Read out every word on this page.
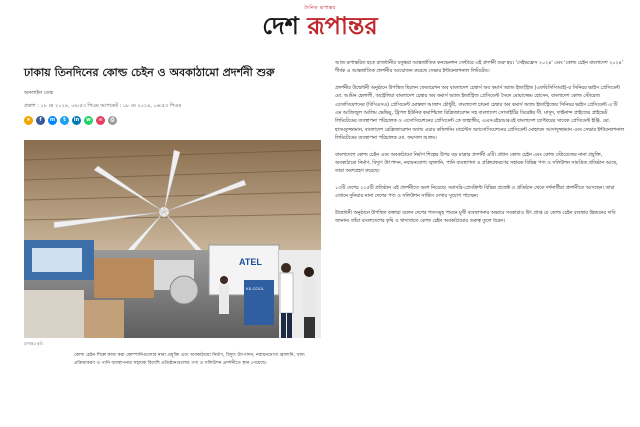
দৈনিক রূপান্তর
দেশ রূপান্তর
ঢাকায় তিনদিনের কোল্ড চেইন ও অবকাঠামো প্রদর্শনী শুরু
অনলাইন ডেস্ক
প্রকাশ : ১৮ মে ২০২৪, ০৬:৫৩ পিএম আপডেট : ১৮ মে ২০২৪, ০৬:৫৩ পিএম
★	f	m	t	in	w	∞	⎙
ATEL
KS-COOL
রূপান্তর ছবি
কোল্ড চেইন শিল্পে কাজ করা কোম্পানিগুলোর নানা প্রযুক্তি এবং অবকাঠামো নির্মাণ, বিদ্যুৎ উৎপাদন, নবায়নযোগ্য জ্বালানি, খাদ্য প্রক্রিয়াকরণ ও পানি ব্যবস্থাপনার সহায়ক বিদেশি প্রতিষ্ঠানগুলোর পণ্য ও সলিউশন প্রদর্শনীতে স্থান পেয়েছে।

আজ রূপান্তরিত হতে রাজধানীর বসুন্ধরা আন্তর্জাতিক কনভেনশন সেন্টারে এই প্রদর্শনী শুরু হয়। 'সেইভফ্রেস ২০২৪' এবং 'কোল্ড চেইন বাংলাদেশ ২০২৪' শীর্ষক এ আন্তর্জাতিক প্রদর্শনীর আয়োজন করেছে সেভার ইন্টারন্যাশনাল লিমিটেড।

প্রদর্শনীর উদ্বোধনী অনুষ্ঠানে উপস্থিত ছিলেন ফেডারেশন অব বাংলাদেশ চেম্বার্স অব কমার্স অ্যান্ড ইন্ডাস্ট্রিজ (এফবিসিসিআই)-র সিনিয়র ভাইস প্রেসিডেন্ট মো. আমিন হেলালী, অস্ট্রেলিয়া বাংলাদেশ চেম্বার অব কমার্স অ্যান্ড ইন্ডাস্ট্রিজ প্রেসিডেন্ট সৈয়দ মোয়াজ্জেম হোসেন, বাংলাদেশ কোল্ড স্টোরেজ এসোসিয়েশনের (বিসিএসএ) প্রেসিডেন্ট মোস্তফা আজাদ চৌধুরী, বাংলাদেশ চায়না চেম্বার অব কমার্স অ্যান্ড ইন্ডাস্ট্রিজের সিনিয়র ভাইস প্রেসিডেন্ট এ টি এম আজিজুল আলিম ভেভিয়ু, ট্রিপল ইউনিক কমার্শিয়াল রিফ্রিজারেশন সহ বাংলাদেশ সোসাইটির ডিরেক্টর সী. মাসুদ, ফাইনান্স প্রাইজের প্রাইভেট লিমিটেডের ব্যবস্থাপনা পরিচালক ও এসোসিয়েশনের প্রেসিডেন্ট কে জাহাঙ্গীর, এএসএইচআরএই বাংলাদেশ চ্যাপ্টারের সাবেক প্রেসিডেন্ট ইঞ্জি. মো. হাসমতুজ্জামান, বাংলাদেশ রেফ্রিজারেশন অ্যান্ড এয়ার কন্ডিশনিং মার্চেন্টস অ্যাসোসিয়েশনের প্রেসিডেন্ট মোহাম্মদ আসাদুজ্জামান এবং সেভার ইন্টারন্যাশনাল লিমিটেডের ব্যবস্থাপনা পরিচালক মো. ফয়সাল আলম।

বাংলাদেশে কোল্ড চেইন এবং অবকাঠামো নির্মাণ শিল্পের উপর বড় মাত্রার প্রদর্শনী এটি। প্রধান কোল্ড চেইন এবং কোল্ড স্টোরেজের নানা প্রযুক্তি, অবকাঠামো নির্মাণ, বিদ্যুৎ উৎপাদন, নবায়নযোগ্য জ্বালানি, পানি ব্যবস্থাপনা ও প্রক্রিয়াকরণের সহায়ক বিভিন্ন পণ্য ও সলিউশন সামগ্রিক প্রতিষ্ঠান আছে, তারা অংশগ্রহণ করেছে।

১৩টি দেশের ২২৫টি প্রতিষ্ঠান এই প্রদর্শনীতে অংশ নিয়েছে। সরাসরি-প্রেসক্রিপ্ট বিভিন্ন প্রজেক্ট ও প্রতিষ্ঠান থেকে দর্শনার্থীরা প্রদর্শনীতে আসছেন। তারা এখানে দুনিয়ার নানা দেশের পণ্য ও সলিউশন সার্ভিস দেখার সুযোগ পাচ্ছেন।

উদ্বোধনী অনুষ্ঠানে উপস্থিত বক্তারা বলেন দেশের শস্যসমূহ পাবনে মুখী ব্যবস্থাপনার অভাবে সবকারাও উৎ প্রাপ্ত যে কোল্ড চেইন ব্যবস্থার উন্নয়নের দাবি জানান। তাঁরা বাংলাদেশের কৃষি ও খাদ্যখাতে কোল্ড চেইন অবকাঠামোর গুরুত্ব তুলে ধরেন।
